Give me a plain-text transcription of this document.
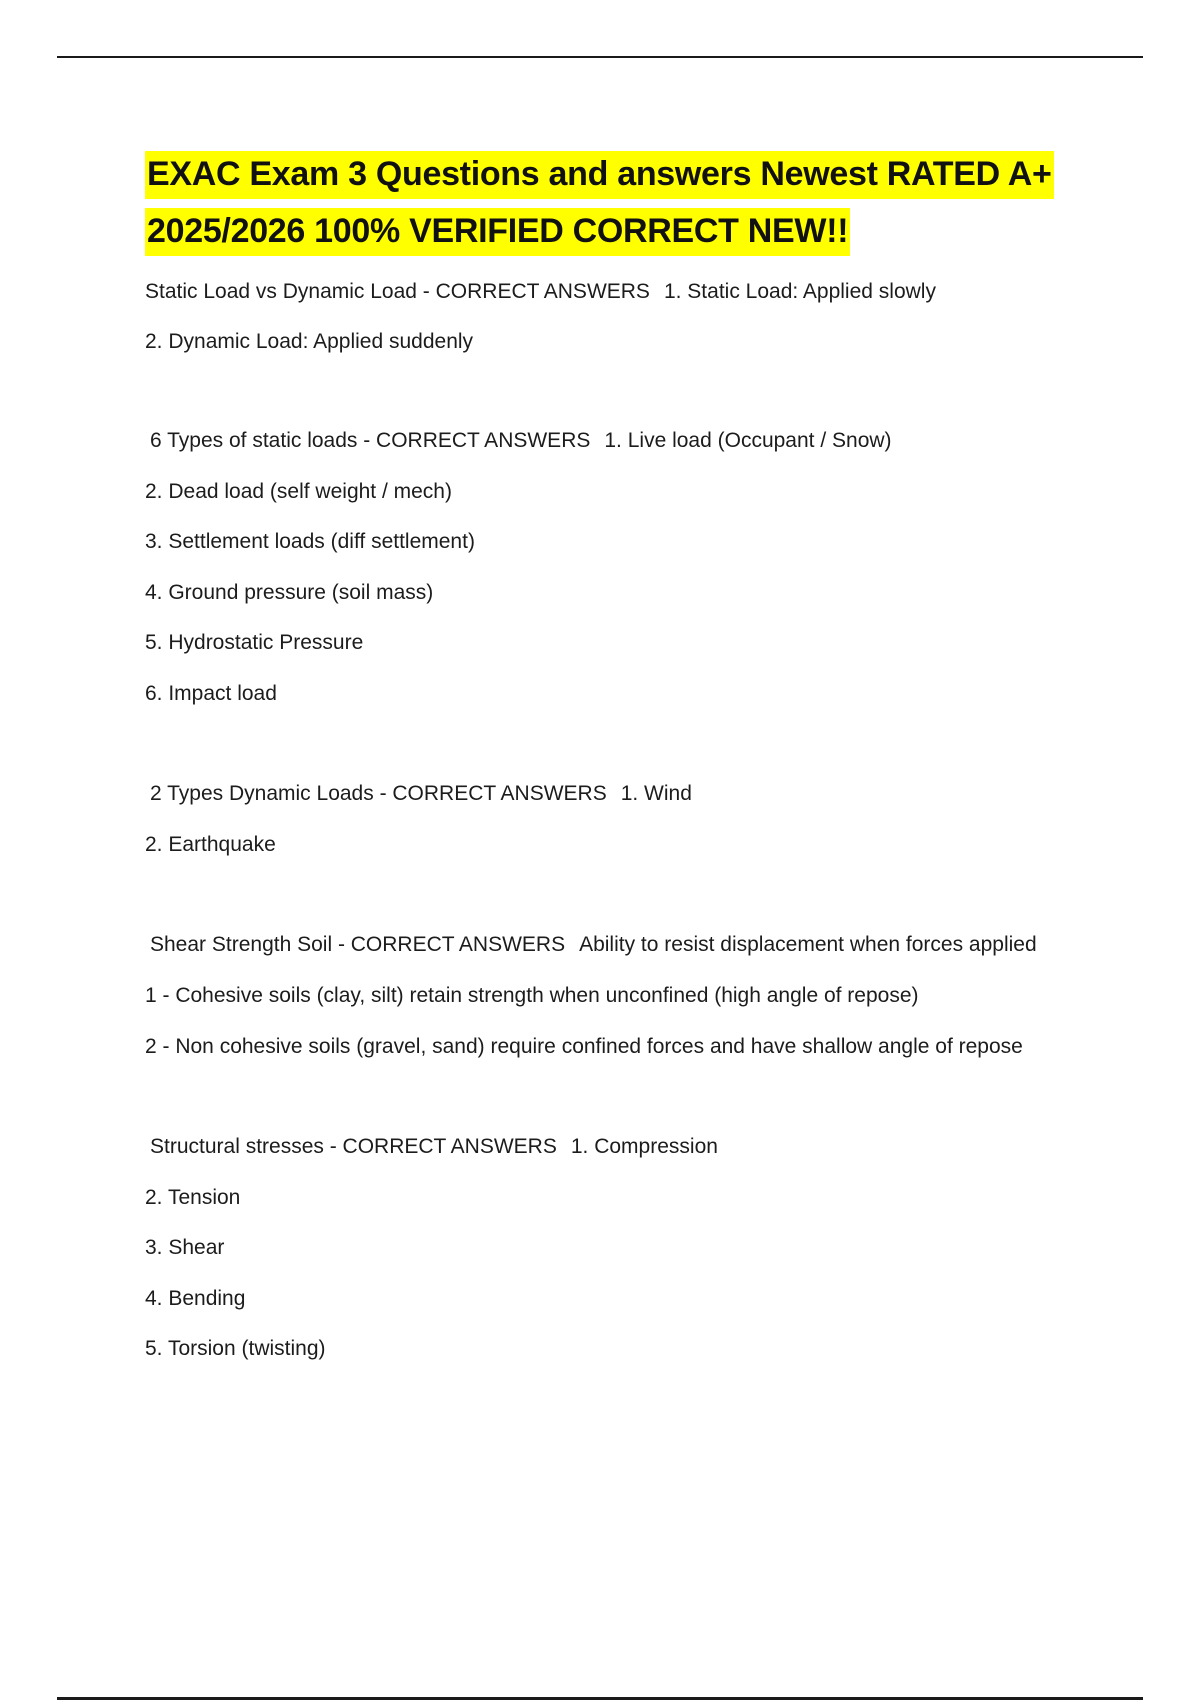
EXAC Exam 3 Questions and answers Newest RATED A+
2025/2026 100% VERIFIED CORRECT NEW!!

Static Load vs Dynamic Load - CORRECT ANSWERS 1. Static Load: Applied slowly

2. Dynamic Load: Applied suddenly

6 Types of static loads - CORRECT ANSWERS 1. Live load (Occupant / Snow)

2. Dead load (self weight / mech)

3. Settlement loads (diff settlement)

4. Ground pressure (soil mass)

5. Hydrostatic Pressure

6. Impact load

2 Types Dynamic Loads - CORRECT ANSWERS 1. Wind

2. Earthquake

Shear Strength Soil - CORRECT ANSWERS Ability to resist displacement when forces applied

1 - Cohesive soils (clay, silt) retain strength when unconfined (high angle of repose)

2 - Non cohesive soils (gravel, sand) require confined forces and have shallow angle of repose

Structural stresses - CORRECT ANSWERS 1. Compression

2. Tension

3. Shear

4. Bending

5. Torsion (twisting)
